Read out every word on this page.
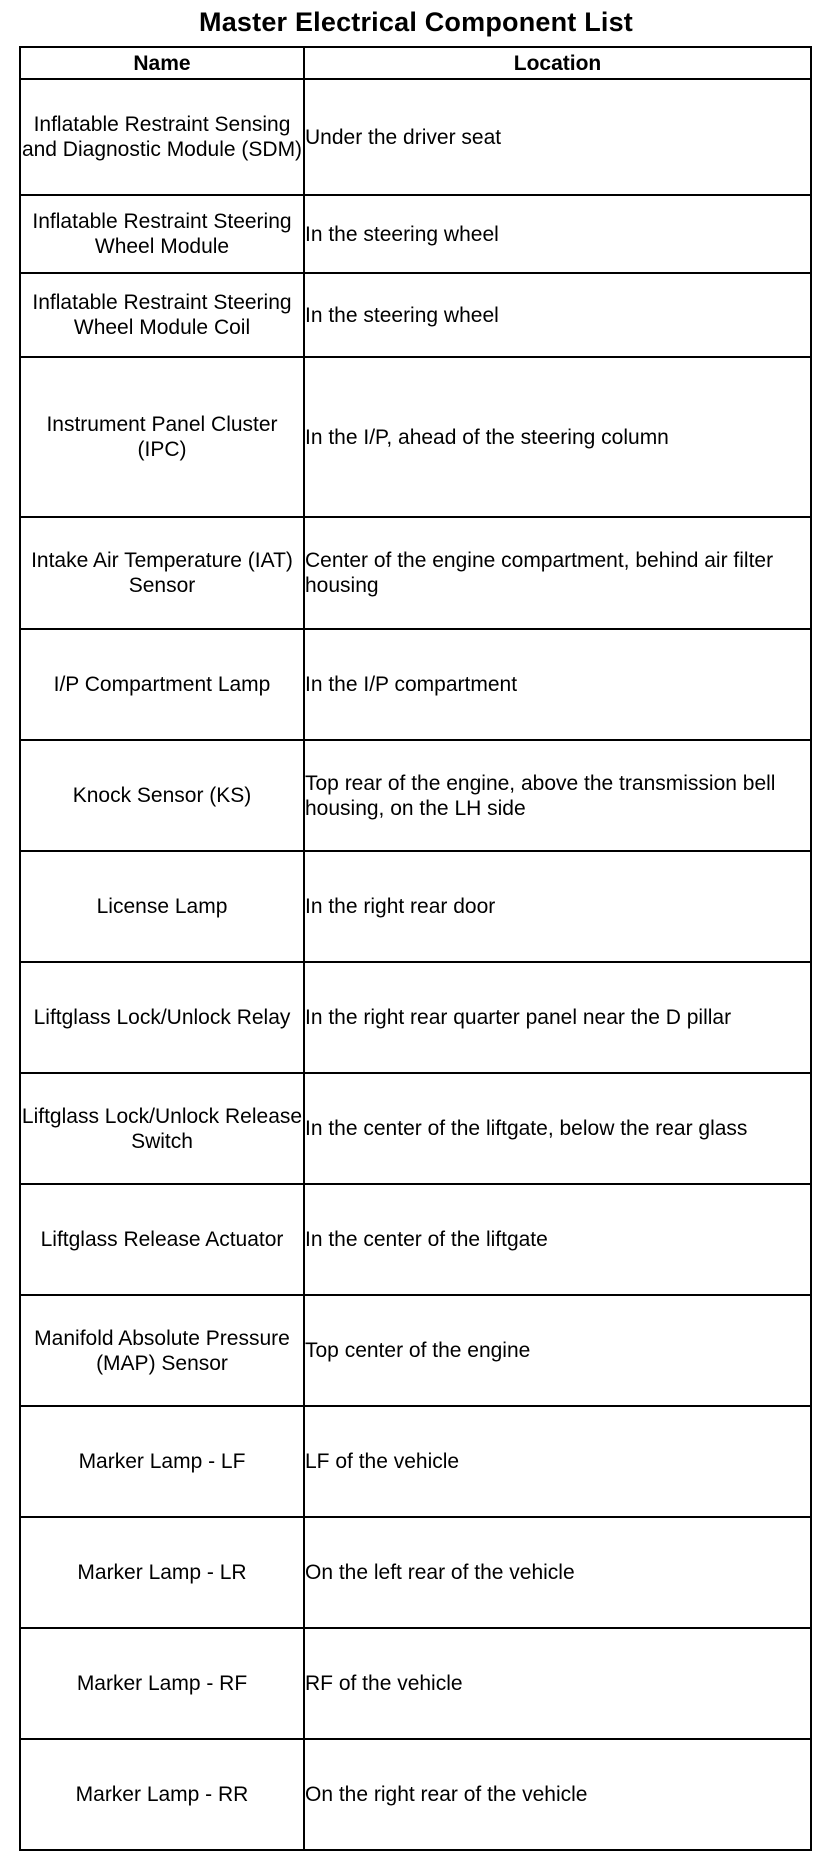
Master Electrical Component List
Name	Location
Inflatable Restraint Sensing and Diagnostic Module (SDM)	Under the driver seat
Inflatable Restraint Steering Wheel Module	In the steering wheel
Inflatable Restraint Steering Wheel Module Coil	In the steering wheel
Instrument Panel Cluster (IPC)	In the I/P, ahead of the steering column
Intake Air Temperature (IAT) Sensor	Center of the engine compartment, behind air filter housing
I/P Compartment Lamp	In the I/P compartment
Knock Sensor (KS)	Top rear of the engine, above the transmission bell housing, on the LH side
License Lamp	In the right rear door
Liftglass Lock/Unlock Relay	In the right rear quarter panel near the D pillar
Liftglass Lock/Unlock Release Switch	In the center of the liftgate, below the rear glass
Liftglass Release Actuator	In the center of the liftgate
Manifold Absolute Pressure (MAP) Sensor	Top center of the engine
Marker Lamp - LF	LF of the vehicle
Marker Lamp - LR	On the left rear of the vehicle
Marker Lamp - RF	RF of the vehicle
Marker Lamp - RR	On the right rear of the vehicle
